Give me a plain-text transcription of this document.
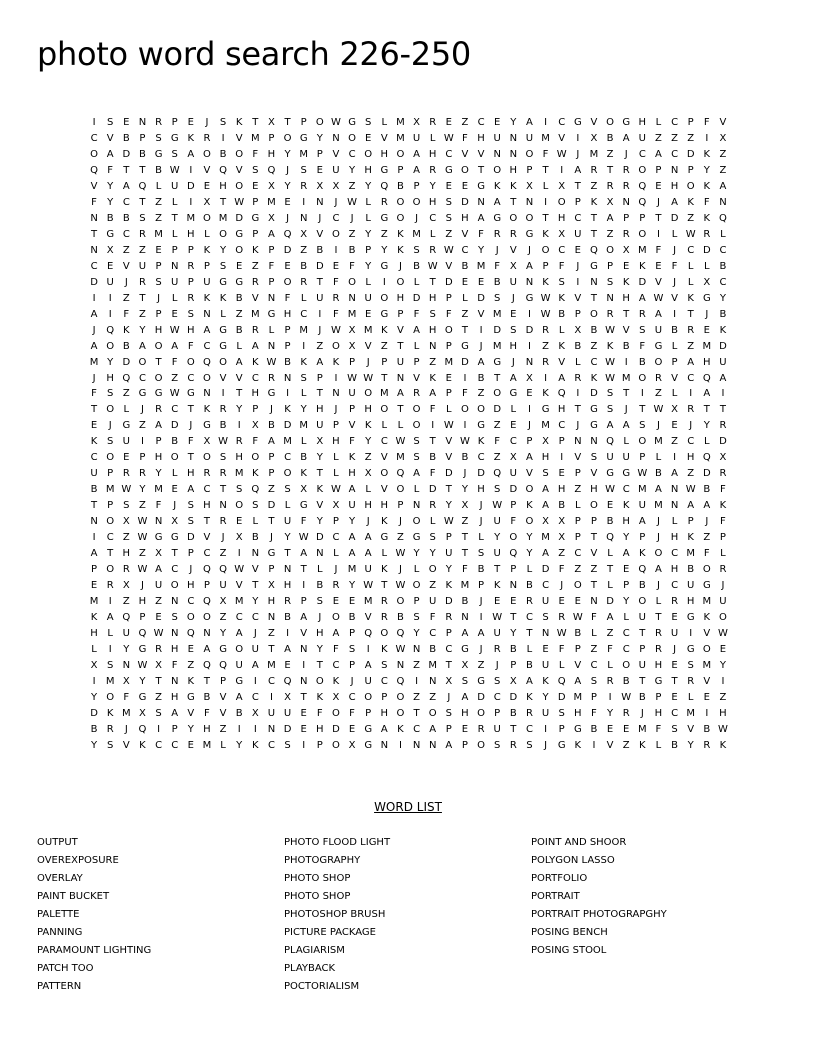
photo word search 226-250
I	S E N R P E	J	S K T X T	P O W G S	L M X R E Z C E Y A	I	C G V O G H L C P	F V
C V B P S G K R	I	V M P O G Y N O E V M U L W F H U N U M V	I	X B A U Z Z Z	I	X
O A D B G S A O B O F H Y M P V C O H O A H C V V N N O F W J	M Z	J	C A C D K Z
Q F	T	T B W I	V Q V S Q	J	S E U Y H G P A R G O T O H P	T	I	A R T R O P N P	Y Z
V Y A Q L U D E H O E X Y R X X Z Y Q B P	Y E E G K K X L X T Z R R Q E H O K A
F	Y C T Z L	I	X T W P M E	I	N	J W L R O O H S D N A T N	I	O P K X N Q	J	A K F N
N B B S Z T M O M D G X	J	N	J	C	J	L G O	J	C S H A G O O T H C T A P	P	T D Z K Q
T G C R M L H L O G P A Q X V O Z Y Z K M L Z V F R R G K X U T Z R O	I	L W R L
N X Z Z E P	P K Y O K P D Z B	I	B P	Y K S R W C Y	J	V	J	O C E Q O X M F	J	C D C
C E V U P N R P S E Z F	E B D E	F	Y G	J	B W V B M F X A P	F	J	G P E K E	F	L	L B
D U	J	R S U P U G G R P O R T	F O L	I	O L	T D E E B U N K S	I	N S K D V	J	L X C
I	I	Z T	J	L R K K B V N F	L U R N U O H D H P	L D S	J	G W K V T N H A W V K G Y
A	I	F Z P E S N L Z M G H C	I	F M E G P	F	S	F Z V M E	I W B P O R T R A	I	T	J	B
J	Q K Y H W H A G B R L	P M	J W X M K V A H O T	I	D S D R L X B W V S U B R E K
A O B A O A F C G L A N P	I	Z O X V Z T	L N P G	J	M H	I	Z K B Z K B F G L Z M D
M Y D O T	F O Q O A K W B K A K P	J	P U P Z M D A G	J	N R V L C W I	B O P A H U
J	H Q C O Z C O V V C R N S P	I W W T N V K E	I	B T A X	I	A R K W M O R V C Q A
F	S Z G G W G N	I	T H G	I	L	T N U O M A R A P	F Z O G E K Q	I	D S T	I	Z L	I	A	I
T O L	J	R C T K R Y	P	J	K Y H	J	P H O T O F	L O O D L	I	G H T G S	J	T W X R T	T
E	J	G Z A D	J	G B	I	X B D M U P V K	L	L O	I W I	G Z E	J	M C	J	G A A S	J	E	J	Y R
K S U	I	P B F X W R F A M L X H F	Y C W S T V W K F C P X P N N Q L O M Z C L D
C O E P H O T O S H O P C B Y	L	K Z V M S B V B C Z X A H	I	V S U U P	L	I	H Q X
U P R R Y	L H R R M K P O K T	L H X O Q A F D	J	D Q U V S E P V G G W B A Z D R
B M W Y M E A C T S Q Z S X K W A L V O L D T	Y H S D O A H Z H W C M A N W B F
T	P S Z F	J	S H N O S D L G V X U H H P N R Y X	J W P K A B L O E K U M N A A K
N O X W N X S T R E	L	T U F	Y	P	Y	J	K	J	O L W Z	J	U F O X X P	P B H A	J	L	P	J	F
I	C Z W G G D V	J	X B	J	Y W D C A A G Z G S P	T	L	Y O Y M X P	T Q Y	P	J	H K Z P
A T H Z X T	P C Z	I	N G T A N L A A L W Y	Y U T S U Q Y A Z C V L A K O C M F	L
P O R W A C	J	Q Q W V P N T	L	J	M U K	J	L O Y	F B T	P	L D F Z Z T E Q A H B O R
E R X	J	U O H P U V T X H	I	B R Y W T W O Z K M P K N B C	J	O T	L	P B	J	C U G	J
M	I	Z H Z N C Q X M Y H R P S E E M R O P U D B	J	E E R U E E N D Y O L R H M U
K A Q P E S O O Z C C N B A	J	O B V R B S	F R N	I W T C S R W F A L U T E G K O
H L U Q W N Q N Y A	J	Z	I	V H A P Q O Q Y C P A A U Y	T N W B L Z C T R U	I	V W
L	I	Y G R H E A G O U T A N Y	F	S	I	K W N B C G	J	R B L	E	F	P Z F C P R	J	G O E
X S N W X F Z Q Q U A M E	I	T C P A S N Z M T X Z	J	P B U L V C L O U H E S M Y
I	M X Y	T N K T	P G	I	C Q N O K	J	U C Q	I	N X S G S X A K Q A S R B T G T R V	I
Y O F G Z H G B V A C	I	X T K X C O P O Z Z	J	A D C D K Y D M P	I W B P E	L	E Z
D K M X S A V F V B X U U E	F O F	P H O T O S H O P B R U S H F	Y R	J	H C M	I	H
B R	J	Q	I	P	Y H Z	I	I	N D E H D E G A K C A P E R U T C	I	P G B E E M F	S V B W
Y S V K C C E M L	Y K C S	I	P O X G N	I	N N A P O S R S	J	G K	I	V Z K	L B Y R K
WORD LIST
OUTPUT
OVEREXPOSURE
OVERLAY
PAINT BUCKET
PALETTE
PANNING
PARAMOUNT LIGHTING
PATCH TOO
PATTERN
PHOTO FLOOD LIGHT
PHOTOGRAPHY
PHOTO SHOP
PHOTO SHOP
PHOTOSHOP BRUSH
PICTURE PACKAGE
PLAGIARISM
PLAYBACK
POCTORIALISM
POINT AND SHOOR
POLYGON LASSO
PORTFOLIO
PORTRAIT
PORTRAIT PHOTOGRAPGHY
POSING BENCH
POSING STOOL
